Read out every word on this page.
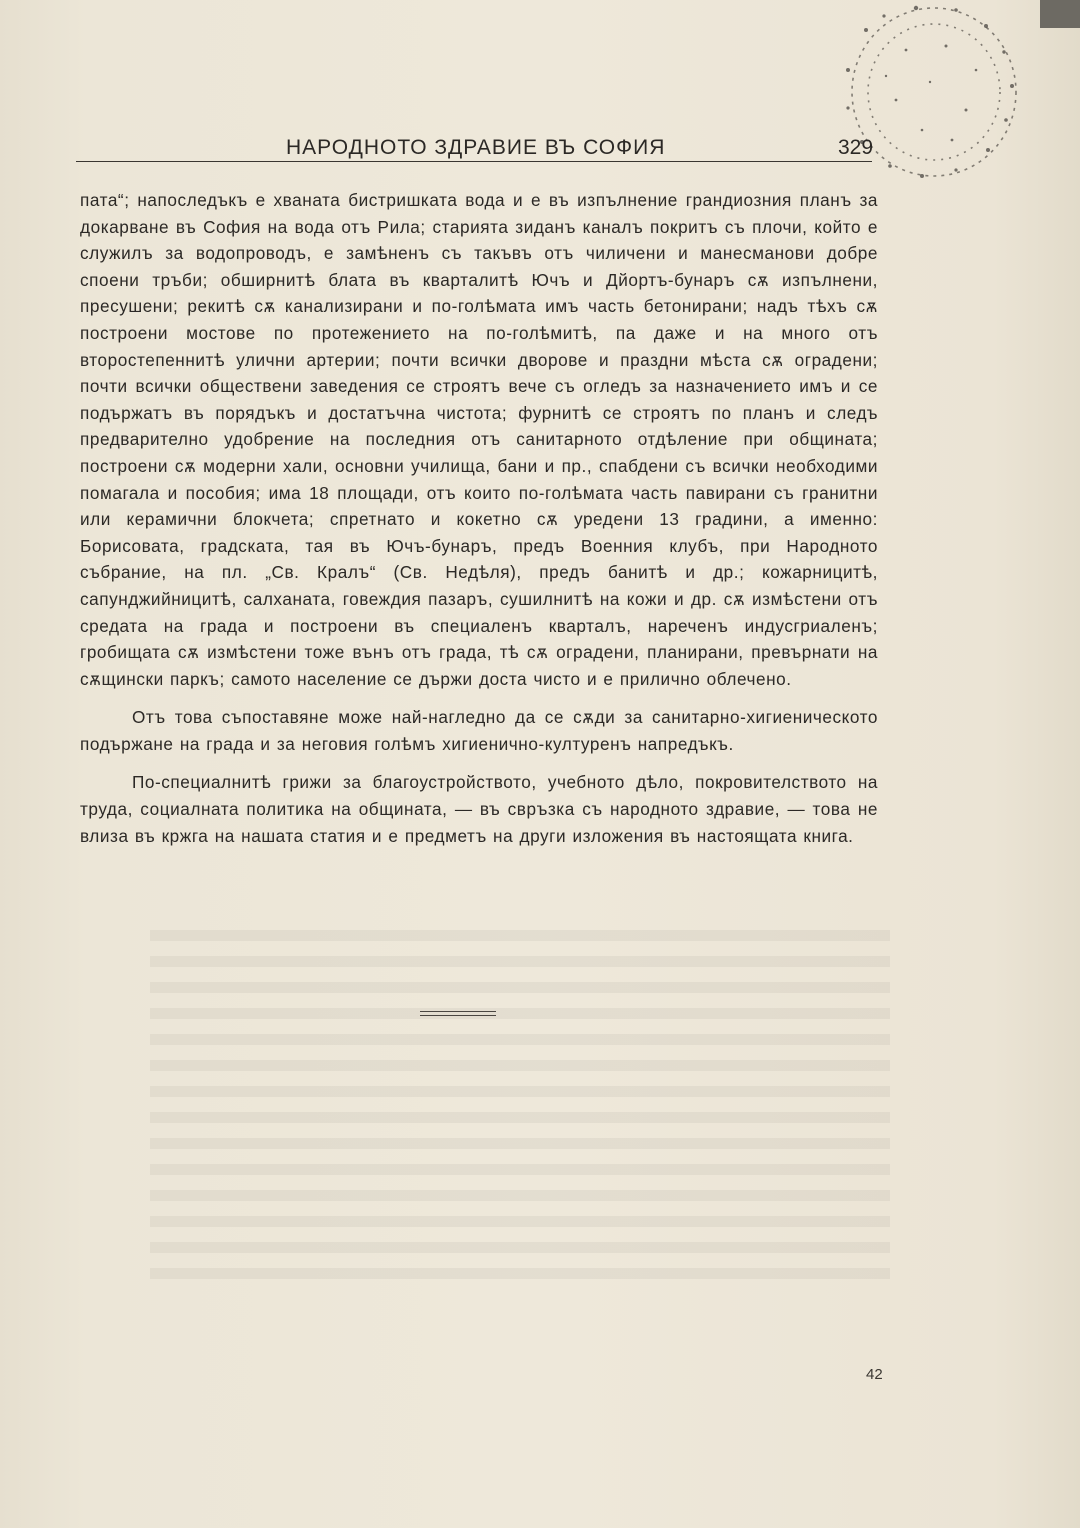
НАРОДНОТО ЗДРАВИЕ ВЪ СОФИЯ	329

пата“; напоследъкъ е хваната бистришката вода и е въ изпълнение грандиозния планъ за докарване въ София на вода отъ Рила; старията зиданъ каналъ покритъ съ плочи, който е служилъ за водопроводъ, е замѣненъ съ такъвъ отъ чиличени и манесманови добре споени тръби; обширнитѣ блата въ кварталитѣ Ючъ и Дйортъ-бунаръ сѫ изпълнени, пресушени; рекитѣ сѫ канализирани и по-голѣмата имъ часть бетонирани; надъ тѣхъ сѫ построени мостове по протежението на по-голѣмитѣ, па даже и на много отъ второстепеннитѣ улични артерии; почти всички дворове и праздни мѣста сѫ оградени; почти всички обществени заведения се строятъ вече съ огледъ за назначението имъ и се подържатъ въ порядъкъ и достатъчна чистота; фурнитѣ се строятъ по планъ и следъ предварително удобрение на последния отъ санитарното отдѣление при общината; построени сѫ модерни хали, основни училища, бани и пр., спабдени съ всички необходими помагала и пособия; има 18 площади, отъ които по-голѣмата часть павирани съ гранитни или керамични блокчета; спретнато и кокетно сѫ уредени 13 градини, а именно: Борисовата, градската, тая въ Ючъ-бунаръ, предъ Военния клубъ, при Народното събрание, на пл. „Св. Кралъ“ (Св. Недѣля), предъ банитѣ и др.; кожарницитѣ, сапунджийницитѣ, салханата, говеждия пазаръ, сушилнитѣ на кожи и др. сѫ измѣстени отъ средата на града и построени въ специаленъ кварталъ, нареченъ индусгриаленъ; гробищата сѫ измѣстени тоже вънъ отъ града, тѣ сѫ оградени, планирани, превърнати на сѫщински паркъ; самото население се държи доста чисто и е прилично облечено.

Отъ това съпоставяне може най-нагледно да се сѫди за санитарно-хигиеническото подържане на града и за неговия голѣмъ хигиенично-културенъ напредъкъ.

По-специалнитѣ грижи за благоустройството, учебното дѣло, покровителството на труда, социалната политика на общината, — въ свръзка съ народното здравие, — това не влиза въ кржга на нашата статия и е предметъ на други изложения въ настоящата книга.

42
